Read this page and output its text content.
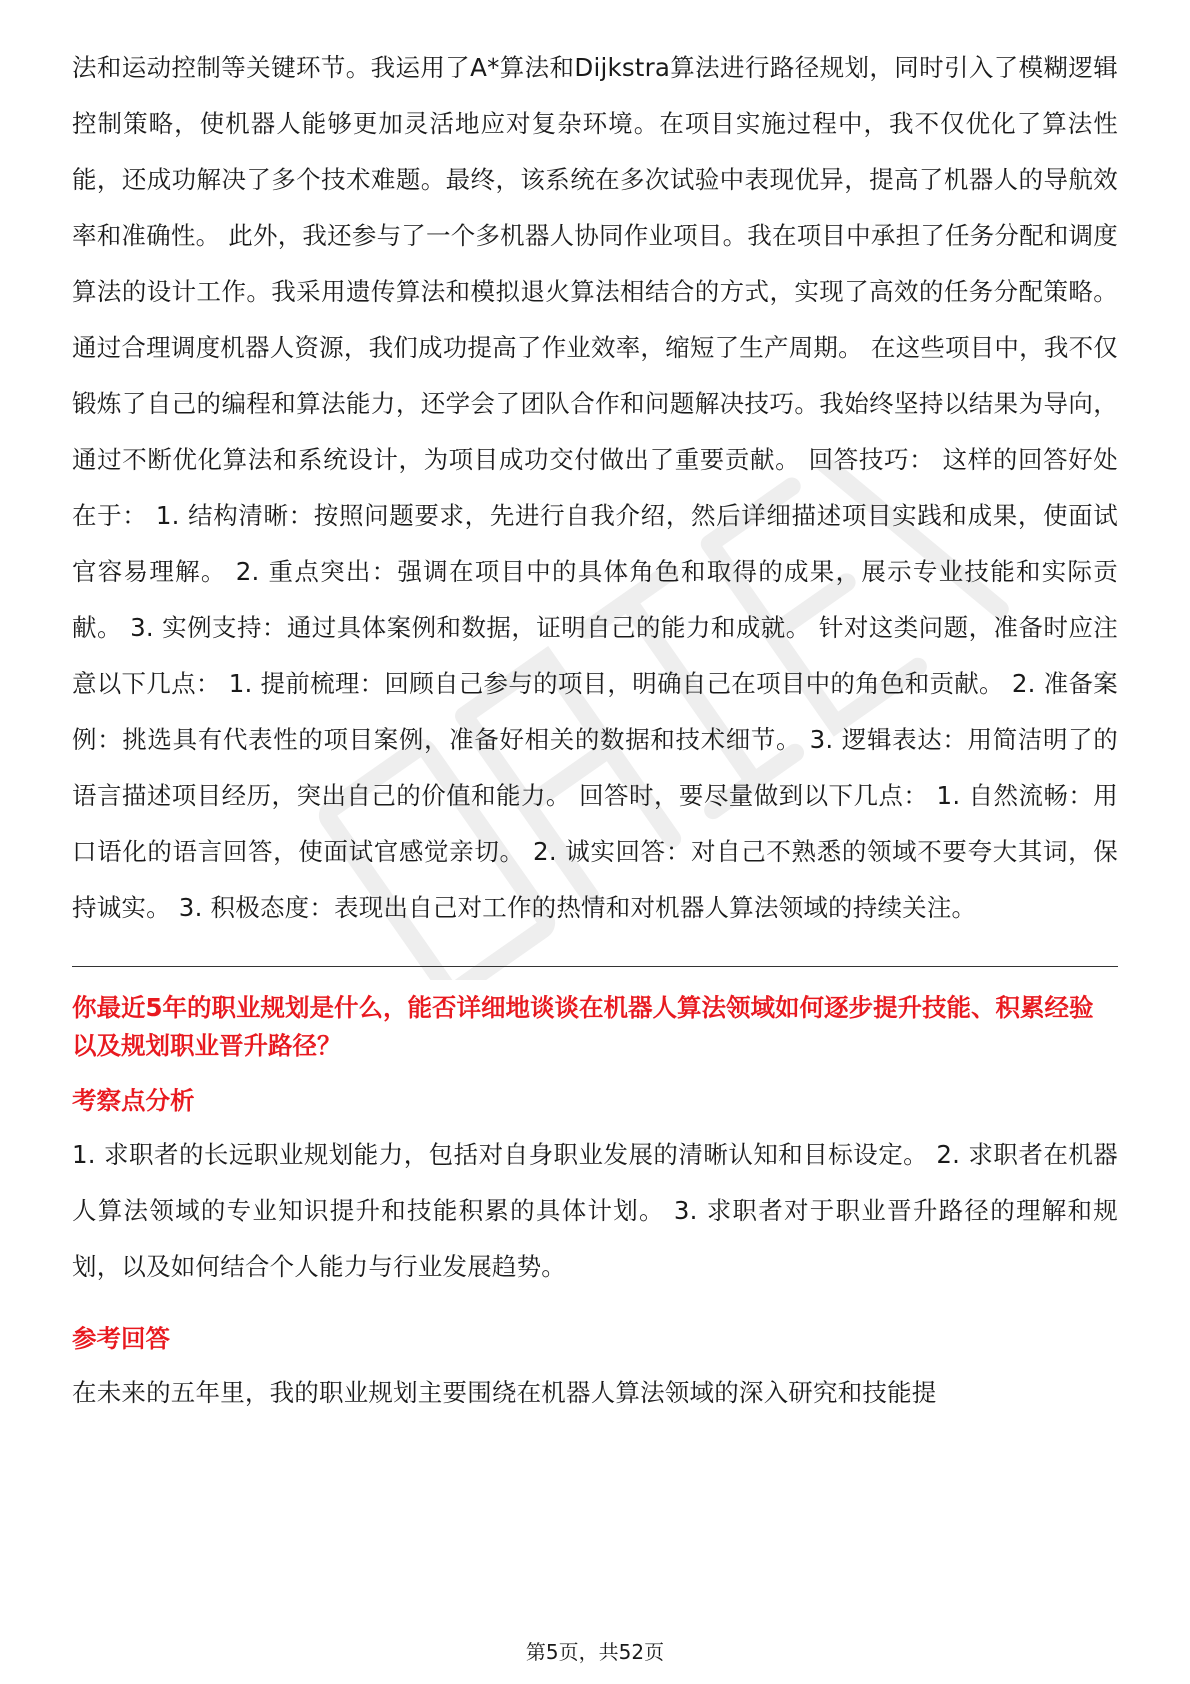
法和运动控制等关键环节。我运用了A*算法和Dijkstra算法进行路径规划，同时引入了模糊逻辑控制策略，使机器人能够更加灵活地应对复杂环境。在项目实施过程中，我不仅优化了算法性能，还成功解决了多个技术难题。最终，该系统在多次试验中表现优异，提高了机器人的导航效率和准确性。 此外，我还参与了一个多机器人协同作业项目。我在项目中承担了任务分配和调度算法的设计工作。我采用遗传算法和模拟退火算法相结合的方式，实现了高效的任务分配策略。通过合理调度机器人资源，我们成功提高了作业效率，缩短了生产周期。 在这些项目中，我不仅锻炼了自己的编程和算法能力，还学会了团队合作和问题解决技巧。我始终坚持以结果为导向，通过不断优化算法和系统设计，为项目成功交付做出了重要贡献。 回答技巧： 这样的回答好处在于： 1. 结构清晰：按照问题要求，先进行自我介绍，然后详细描述项目实践和成果，使面试官容易理解。 2. 重点突出：强调在项目中的具体角色和取得的成果，展示专业技能和实际贡献。 3. 实例支持：通过具体案例和数据，证明自己的能力和成就。 针对这类问题，准备时应注意以下几点： 1. 提前梳理：回顾自己参与的项目，明确自己在项目中的角色和贡献。 2. 准备案例：挑选具有代表性的项目案例，准备好相关的数据和技术细节。 3. 逻辑表达：用简洁明了的语言描述项目经历，突出自己的价值和能力。 回答时，要尽量做到以下几点： 1. 自然流畅：用口语化的语言回答，使面试官感觉亲切。 2. 诚实回答：对自己不熟悉的领域不要夸大其词，保持诚实。 3. 积极态度：表现出自己对工作的热情和对机器人算法领域的持续关注。

你最近5年的职业规划是什么，能否详细地谈谈在机器人算法领域如何逐步提升技能、积累经验以及规划职业晋升路径？

考察点分析

1. 求职者的长远职业规划能力，包括对自身职业发展的清晰认知和目标设定。 2. 求职者在机器人算法领域的专业知识提升和技能积累的具体计划。 3. 求职者对于职业晋升路径的理解和规划，以及如何结合个人能力与行业发展趋势。

参考回答

在未来的五年里，我的职业规划主要围绕在机器人算法领域的深入研究和技能提

第5页，共52页
